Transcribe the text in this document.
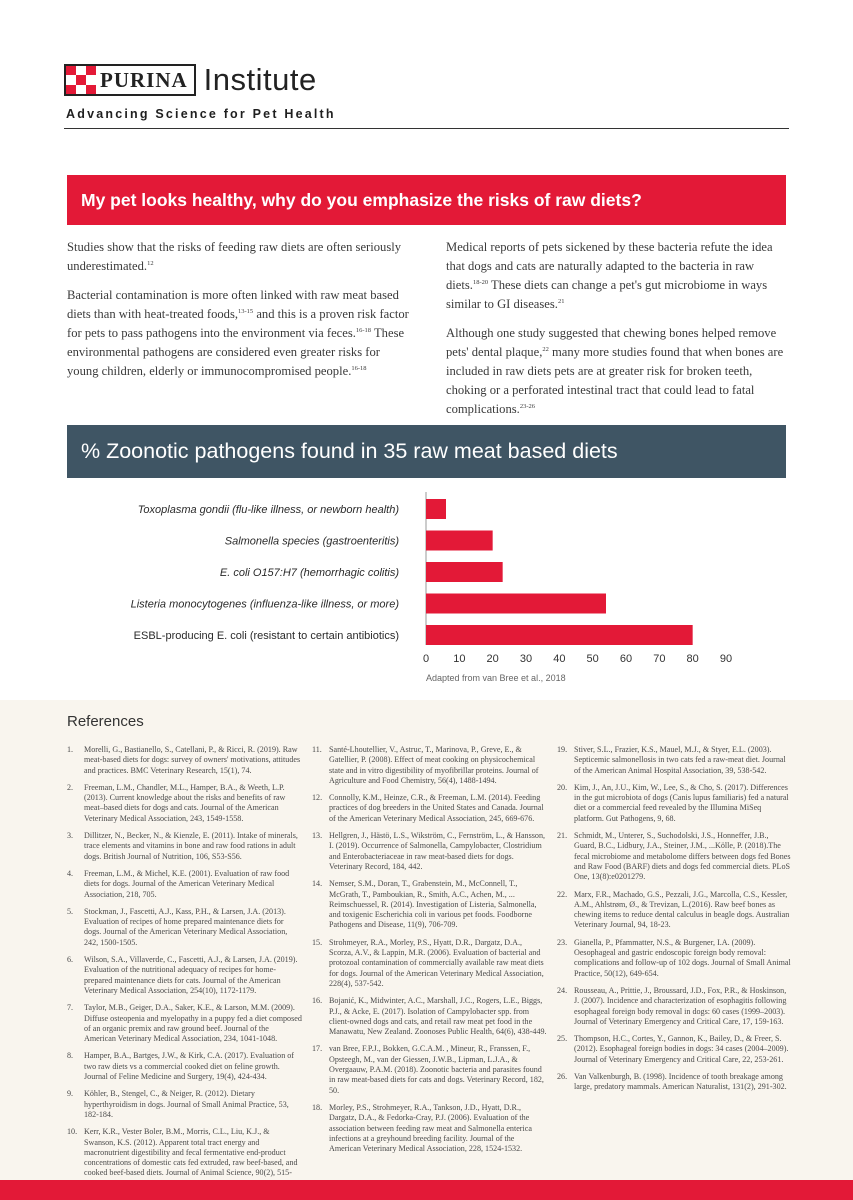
PURINA Institute
Advancing Science for Pet Health
My pet looks healthy, why do you emphasize the risks of raw diets?

Studies show that the risks of feeding raw diets are often seriously underestimated.$^{12}$

Bacterial contamination is more often linked with raw meat based diets than with heat-treated foods,$^{13-15}$ and this is a proven risk factor for pets to pass pathogens into the environment via feces.$^{16-18}$ These environmental pathogens are considered even greater risks for young children, elderly or immunocompromised people.$^{16-18}$

Medical reports of pets sickened by these bacteria refute the idea that dogs and cats are naturally adapted to the bacteria in raw diets.$^{18-20}$ These diets can change a pet's gut microbiome in ways similar to GI diseases.$^{21}$

Although one study suggested that chewing bones helped remove pets' dental plaque,$^{22}$ many more studies found that when bones are included in raw diets pets are at greater risk for broken teeth, choking or a perforated intestinal tract that could lead to fatal complications.$^{23-26}$

% Zoonotic pathogens found in 35 raw meat based diets
Toxoplasma gondii (flu-like illness, or newborn health)
Salmonella species (gastroenteritis)
E. coli O157:H7 (hemorrhagic colitis)
Listeria monocytogenes (influenza-like illness, or more)
ESBL-producing E. coli (resistant to certain antibiotics)
0 10 20 30 40 50 60 70 80 90
Adapted from van Bree et al., 2018
References
1.	Morelli, G., Bastianello, S., Catellani, P., & Ricci, R. (2019). Raw meat-based diets for dogs: survey of owners' motivations, attitudes and practices. BMC Veterinary Research, 15(1), 74.
2.	Freeman, L.M., Chandler, M.L., Hamper, B.A., & Weeth, L.P. (2013). Current knowledge about the risks and benefits of raw meat–based diets for dogs and cats. Journal of the American Veterinary Medical Association, 243, 1549-1558.
3.	Dillitzer, N., Becker, N., & Kienzle, E. (2011). Intake of minerals, trace elements and vitamins in bone and raw food rations in adult dogs. British Journal of Nutrition, 106, S53-S56.
4.	Freeman, L.M., & Michel, K.E. (2001). Evaluation of raw food diets for dogs. Journal of the American Veterinary Medical Association, 218, 705.
5.	Stockman, J., Fascetti, A.J., Kass, P.H., & Larsen, J.A. (2013). Evaluation of recipes of home prepared maintenance diets for dogs. Journal of the American Veterinary Medical Association, 242, 1500-1505.
6.	Wilson, S.A., Villaverde, C., Fascetti, A.J., & Larsen, J.A. (2019). Evaluation of the nutritional adequacy of recipes for home-prepared maintenance diets for cats. Journal of the American Veterinary Medical Association, 254(10), 1172-1179.
7.	Taylor, M.B., Geiger, D.A., Saker, K.E., & Larson, M.M. (2009). Diffuse osteopenia and myelopathy in a puppy fed a diet composed of an organic premix and raw ground beef. Journal of the American Veterinary Medical Association, 234, 1041-1048.
8.	Hamper, B.A., Bartges, J.W., & Kirk, C.A. (2017). Evaluation of two raw diets vs a commercial cooked diet on feline growth. Journal of Feline Medicine and Surgery, 19(4), 424-434.
9.	Köhler, B., Stengel, C., & Neiger, R. (2012). Dietary hyperthyroidism in dogs. Journal of Small Animal Practice, 53, 182-184.
10. Kerr, K.R., Vester Boler, B.M., Morris, C.L., Liu, K.J., & Swanson, K.S. (2012). Apparent total tract energy and macronutrient digestibility and fecal fermentative end-product concentrations of domestic cats fed extruded, raw beef-based, and cooked beef-based diets. Journal of Animal Science, 90(2), 515-
11. Santé-Lhoutellier, V., Astruc, T., Marinova, P., Greve, E., & Gatellier, P. (2008). Effect of meat cooking on physicochemical state and in vitro digestibility of myofibrillar proteins. Journal of Agriculture and Food Chemistry, 56(4), 1488-1494.
12. Connolly, K.M., Heinze, C.R., & Freeman, L.M. (2014). Feeding practices of dog breeders in the United States and Canada. Journal of the American Veterinary Medical Association, 245, 669-676.
13. Hellgren, J., Hästö, L.S., Wikström, C., Fernström, L., & Hansson, I. (2019). Occurrence of Salmonella, Campylobacter, Clostridium and Enterobacteriaceae in raw meat-based diets for dogs. Veterinary Record, 184, 442.
14. Nemser, S.M., Doran, T., Grabenstein, M., McConnell, T., McGrath, T., Pamboukian, R., Smith, A.C., Achen, M., ... Reimschuessel, R. (2014). Investigation of Listeria, Salmonella, and toxigenic Escherichia coli in various pet foods. Foodborne Pathogens and Disease, 11(9), 706-709.
15. Strohmeyer, R.A., Morley, P.S., Hyatt, D.R., Dargatz, D.A., Scorza, A.V., & Lappin, M.R. (2006). Evaluation of bacterial and protozoal contamination of commercially available raw meat diets for dogs. Journal of the American Veterinary Medical Association, 228(4), 537-542.
16. Bojanić, K., Midwinter, A.C., Marshall, J.C., Rogers, L.E., Biggs, P.J., & Acke, E. (2017). Isolation of Campylobacter spp. from client-owned dogs and cats, and retail raw meat pet food in the Manawatu, New Zealand. Zoonoses Public Health, 64(6), 438-449.
17. van Bree, F.P.J., Bokken, G.C.A.M. , Mineur, R., Franssen, F., Opsteegh, M., van der Giessen, J.W.B., Lipman, L.J.A., & Overgaauw, P.A.M. (2018). Zoonotic bacteria and parasites found in raw meat-based diets for cats and dogs. Veterinary Record, 182, 50.
18. Morley, P.S., Strohmeyer, R.A., Tankson, J.D., Hyatt, D.R., Dargatz, D.A., & Fedorka-Cray, P.J. (2006). Evaluation of the association between feeding raw meat and Salmonella enterica infections at a greyhound breeding facility. Journal of the American Veterinary Medical Association, 228, 1524-1532.
19. Stiver, S.L., Frazier, K.S., Mauel, M.J., & Styer, E.L. (2003). Septicemic salmonellosis in two cats fed a raw-meat diet. Journal of the American Animal Hospital Association, 39, 538-542.
20. Kim, J., An, J.U., Kim, W., Lee, S., & Cho, S. (2017). Differences in the gut microbiota of dogs (Canis lupus familiaris) fed a natural diet or a commercial feed revealed by the Illumina MiSeq platform. Gut Pathogens, 9, 68.
21. Schmidt, M., Unterer, S., Suchodolski, J.S., Honneffer, J.B., Guard, B.C., Lidbury, J.A., Steiner, J.M., ...Kölle, P. (2018).The fecal microbiome and metabolome differs between dogs fed Bones and Raw Food (BARF) diets and dogs fed commercial diets. PLoS One, 13(8):e0201279.
22. Marx, F.R., Machado, G.S., Pezzali, J.G., Marcolla, C.S., Kessler, A.M., Ahlstrøm, Ø., & Trevizan, L.(2016). Raw beef bones as chewing items to reduce dental calculus in beagle dogs. Australian Veterinary Journal, 94, 18-23.
23. Gianella, P., Pfammatter, N.S., & Burgener, I.A. (2009). Oesophageal and gastric endoscopic foreign body removal: complications and follow-up of 102 dogs. Journal of Small Animal Practice, 50(12), 649-654.
24. Rousseau, A., Prittie, J., Broussard, J.D., Fox, P.R., & Hoskinson, J. (2007). Incidence and characterization of esophagitis following esophageal foreign body removal in dogs: 60 cases (1999–2003). Journal of Veterinary Emergency and Critical Care, 17, 159-163.
25. Thompson, H.C., Cortes, Y., Gannon, K., Bailey, D., & Freer, S. (2012). Esophageal foreign bodies in dogs: 34 cases (2004–2009). Journal of Veterinary Emergency and Critical Care, 22, 253-261.
26. Van Valkenburgh, B. (1998). Incidence of tooth breakage among large, predatory mammals. American Naturalist, 131(2), 291-302.
